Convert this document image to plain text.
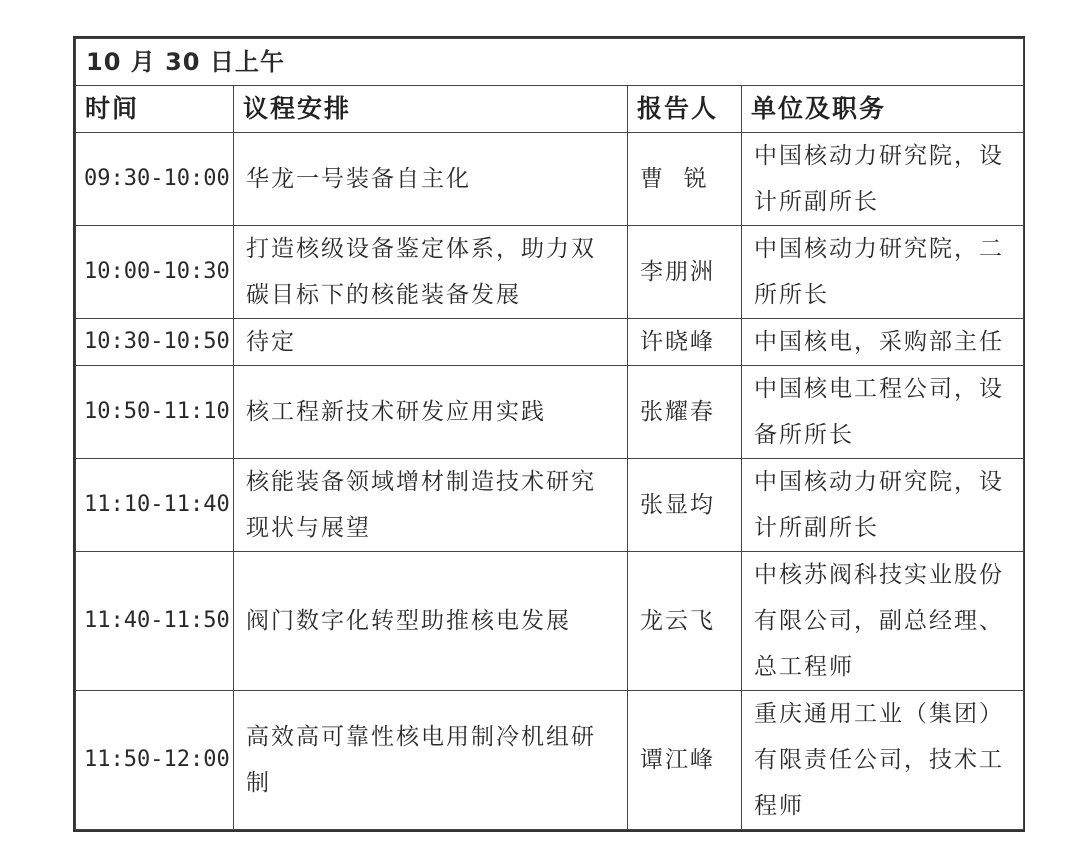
10 月 30 日上午			
时间	议程安排	报告人	单位及职务
09:30-10:00	华龙一号装备自主化	曹  锐	中国核动力研究院，设计所副所长
10:00-10:30	打造核级设备鉴定体系，助力双碳目标下的核能装备发展	李朋洲	中国核动力研究院，二所所长
10:30-10:50	待定	许晓峰	中国核电，采购部主任
10:50-11:10	核工程新技术研发应用实践	张耀春	中国核电工程公司，设备所所长
11:10-11:40	核能装备领域增材制造技术研究现状与展望	张显均	中国核动力研究院，设计所副所长
11:40-11:50	阀门数字化转型助推核电发展	龙云飞	中核苏阀科技实业股份有限公司，副总经理、总工程师
11:50-12:00	高效高可靠性核电用制冷机组研制	谭江峰	重庆通用工业（集团）有限责任公司，技术工程师
